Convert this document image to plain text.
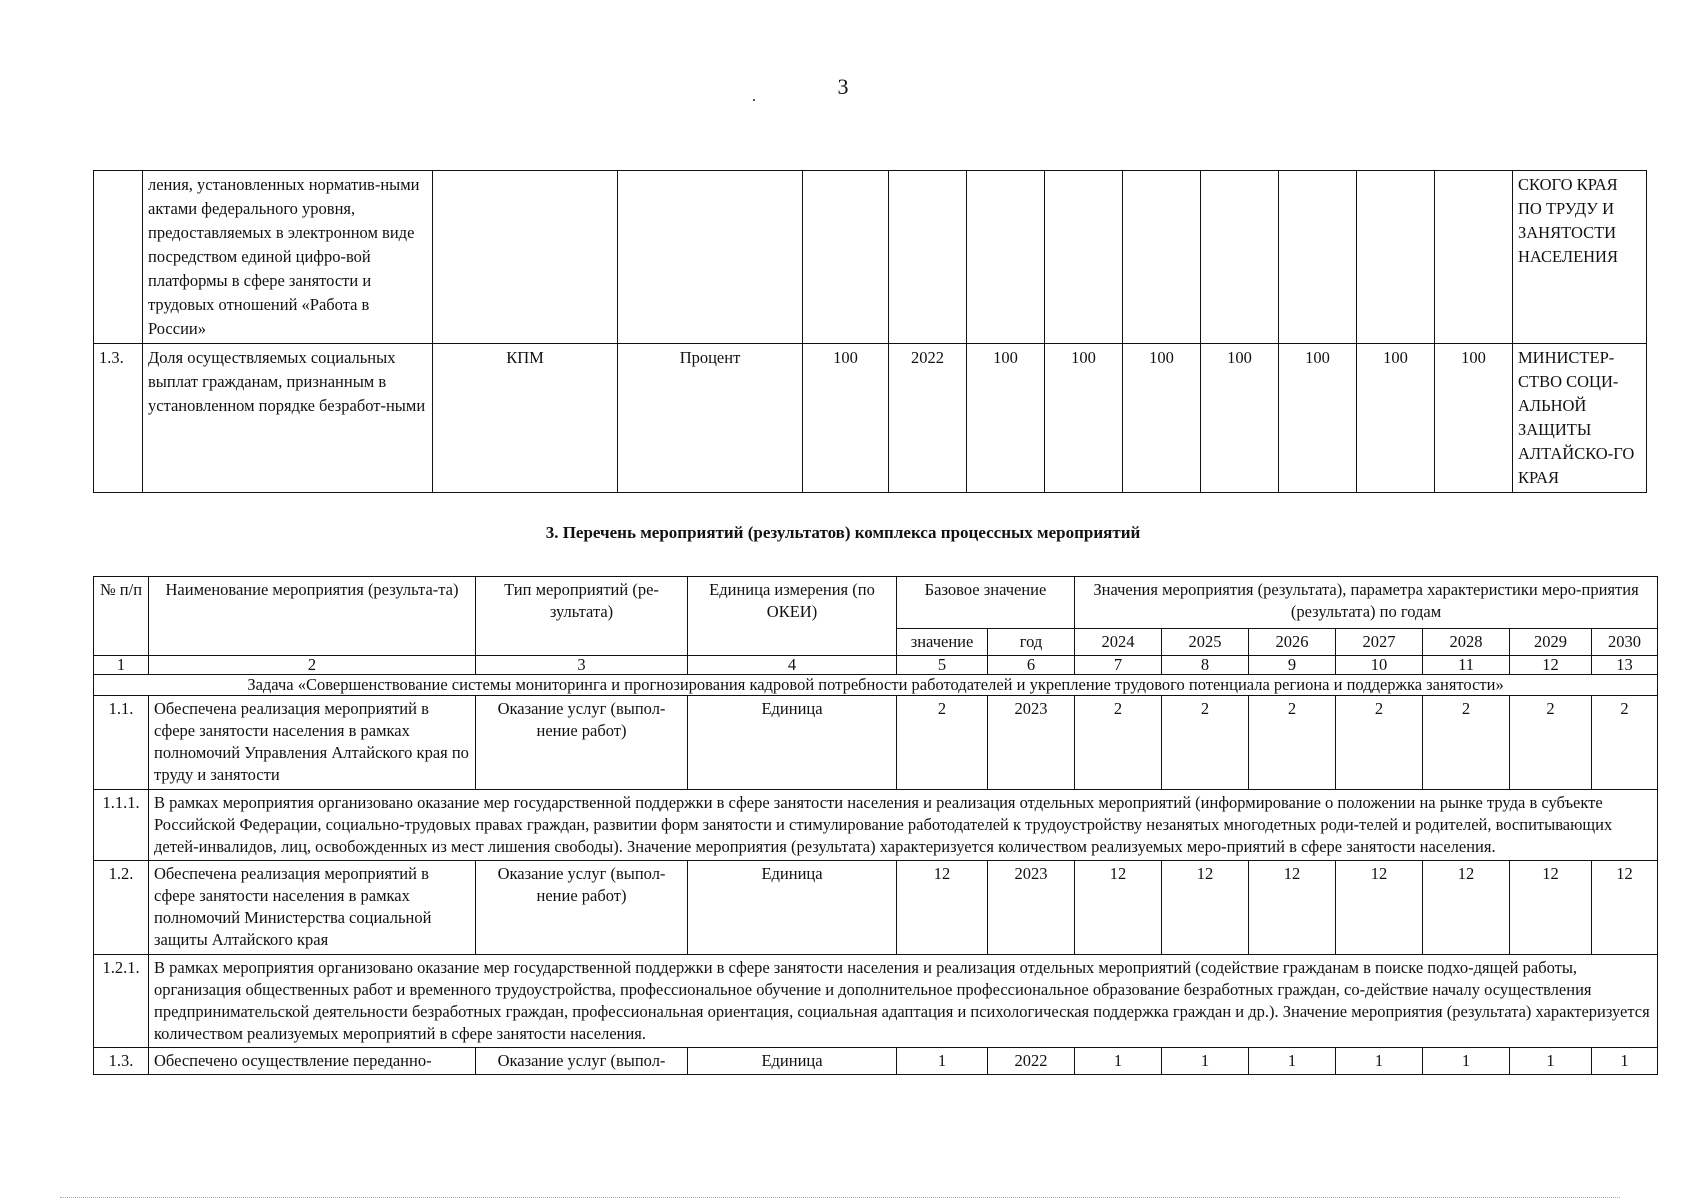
3
.
	ления, установленных норматив-ными актами федерального уровня, предоставляемых в электронном виде посредством единой цифро-вой платформы в сфере занятости и трудовых отношений «Работа в России»												СКОГО КРАЯ ПО ТРУДУ И ЗАНЯТОСТИ НАСЕЛЕНИЯ
1.3.	Доля осуществляемых социальных выплат гражданам, признанным в установленном порядке безработ-ными	КПМ	Процент	100	2022	100	100	100	100	100	100	100	МИНИСТЕР-СТВО СОЦИ-АЛЬНОЙ ЗАЩИТЫ АЛТАЙСКО-ГО КРАЯ
3. Перечень мероприятий (результатов) комплекса процессных мероприятий
№ п/п	Наименование мероприятия (результа-та)	Тип мероприятий (ре-зультата)	Единица измерения (по ОКЕИ)	Базовое значение		Значения мероприятия (результата), параметра характеристики меро-приятия (результата) по годам						
				значение	год	2024	2025	2026	2027	2028	2029	2030
1	2	3	4	5	6	7	8	9	10	11	12	13
Задача «Совершенствование системы мониторинга и прогнозирования кадровой потребности работодателей и укрепление трудового потенциала региона и поддержка занятости»												
1.1.	Обеспечена реализация мероприятий в сфере занятости населения в рамках полномочий Управления Алтайского края по труду и занятости	Оказание услуг (выпол-нение работ)	Единица	2	2023	2	2	2	2	2	2	2
1.1.1.	В рамках мероприятия организовано оказание мер государственной поддержки в сфере занятости населения и реализация отдельных мероприятий (информирование о положении на рынке труда в субъекте Российской Федерации, социально-трудовых правах граждан, развитии форм занятости и стимулирование работодателей к трудоустройству незанятых многодетных роди-телей и родителей, воспитывающих детей-инвалидов, лиц, освобожденных из мест лишения свободы). Значение мероприятия (результата) характеризуется количеством реализуемых меро-приятий в сфере занятости населения.											
1.2.	Обеспечена реализация мероприятий в сфере занятости населения в рамках полномочий Министерства социальной защиты Алтайского края	Оказание услуг (выпол-нение работ)	Единица	12	2023	12	12	12	12	12	12	12
1.2.1.	В рамках мероприятия организовано оказание мер государственной поддержки в сфере занятости населения и реализация отдельных мероприятий (содействие гражданам в поиске подхо-дящей работы, организация общественных работ и временного трудоустройства, профессиональное обучение и дополнительное профессиональное образование безработных граждан, со-действие началу осуществления предпринимательской деятельности безработных граждан, профессиональная ориентация, социальная адаптация и психологическая поддержка граждан и др.). Значение мероприятия (результата) характеризуется количеством реализуемых мероприятий в сфере занятости населения.											
1.3.	Обеспечено осуществление переданно-	Оказание услуг (выпол-	Единица	1	2022	1	1	1	1	1	1	1
